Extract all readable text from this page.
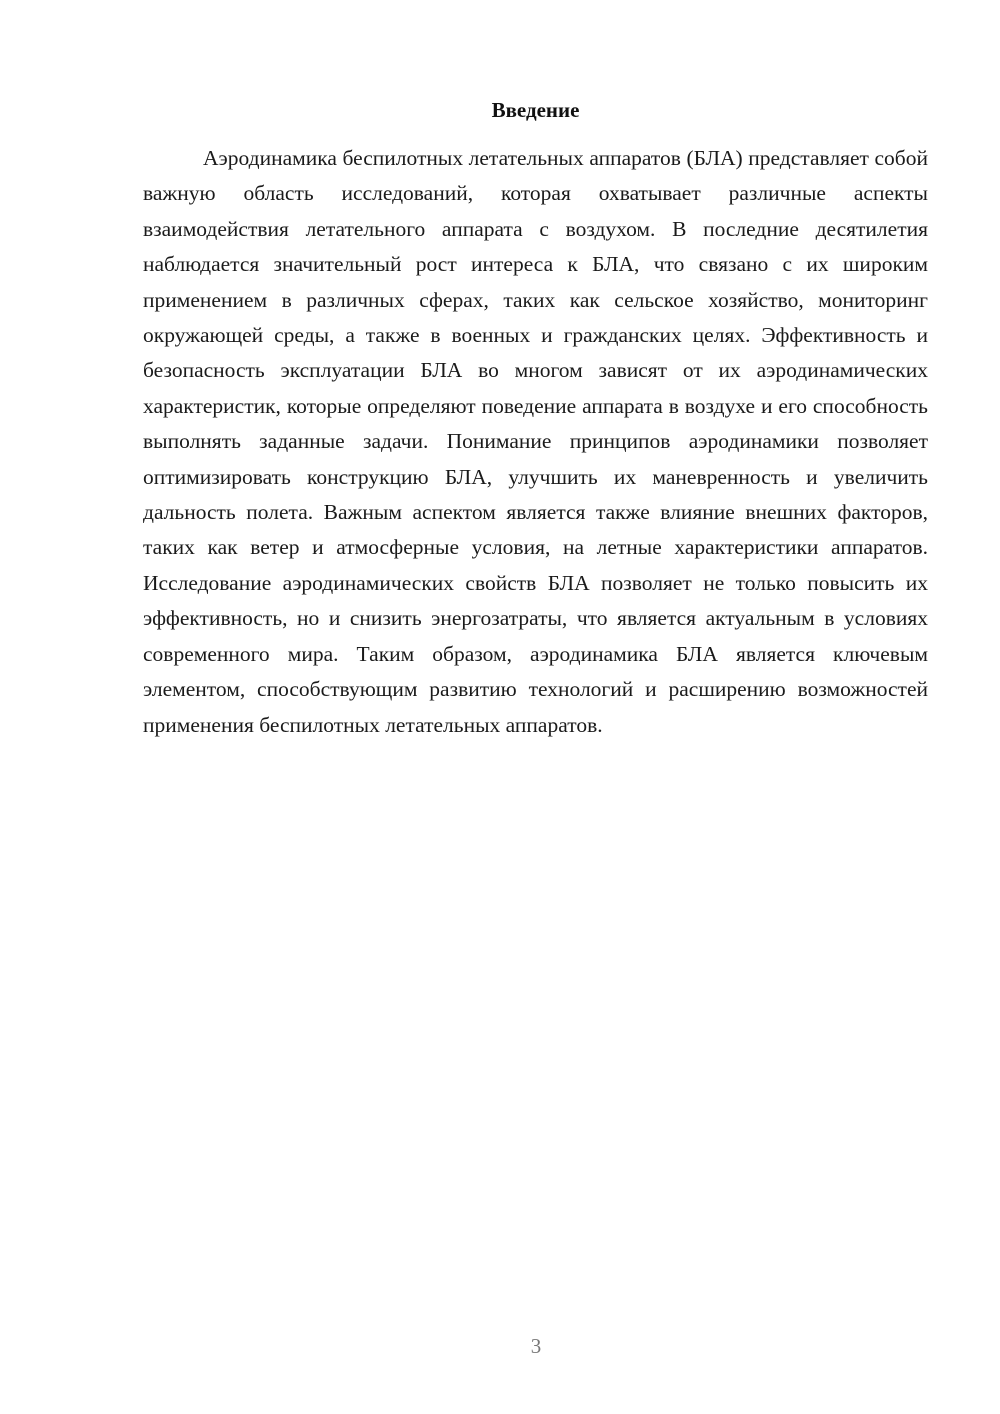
Введение

Аэродинамика беспилотных летательных аппаратов (БЛА) представляет собой важную область исследований, которая охватывает различные аспекты взаимодействия летательного аппарата с воздухом. В последние десятилетия наблюдается значительный рост интереса к БЛА, что связано с их широким применением в различных сферах, таких как сельское хозяйство, мониторинг окружающей среды, а также в военных и гражданских целях. Эффективность и безопасность эксплуатации БЛА во многом зависят от их аэродинамических характеристик, которые определяют поведение аппарата в воздухе и его способность выполнять заданные задачи. Понимание принципов аэродинамики позволяет оптимизировать конструкцию БЛА, улучшить их маневренность и увеличить дальность полета. Важным аспектом является также влияние внешних факторов, таких как ветер и атмосферные условия, на летные характеристики аппаратов. Исследование аэродинамических свойств БЛА позволяет не только повысить их эффективность, но и снизить энергозатраты, что является актуальным в условиях современного мира. Таким образом, аэродинамика БЛА является ключевым элементом, способствующим развитию технологий и расширению возможностей применения беспилотных летательных аппаратов.

3
